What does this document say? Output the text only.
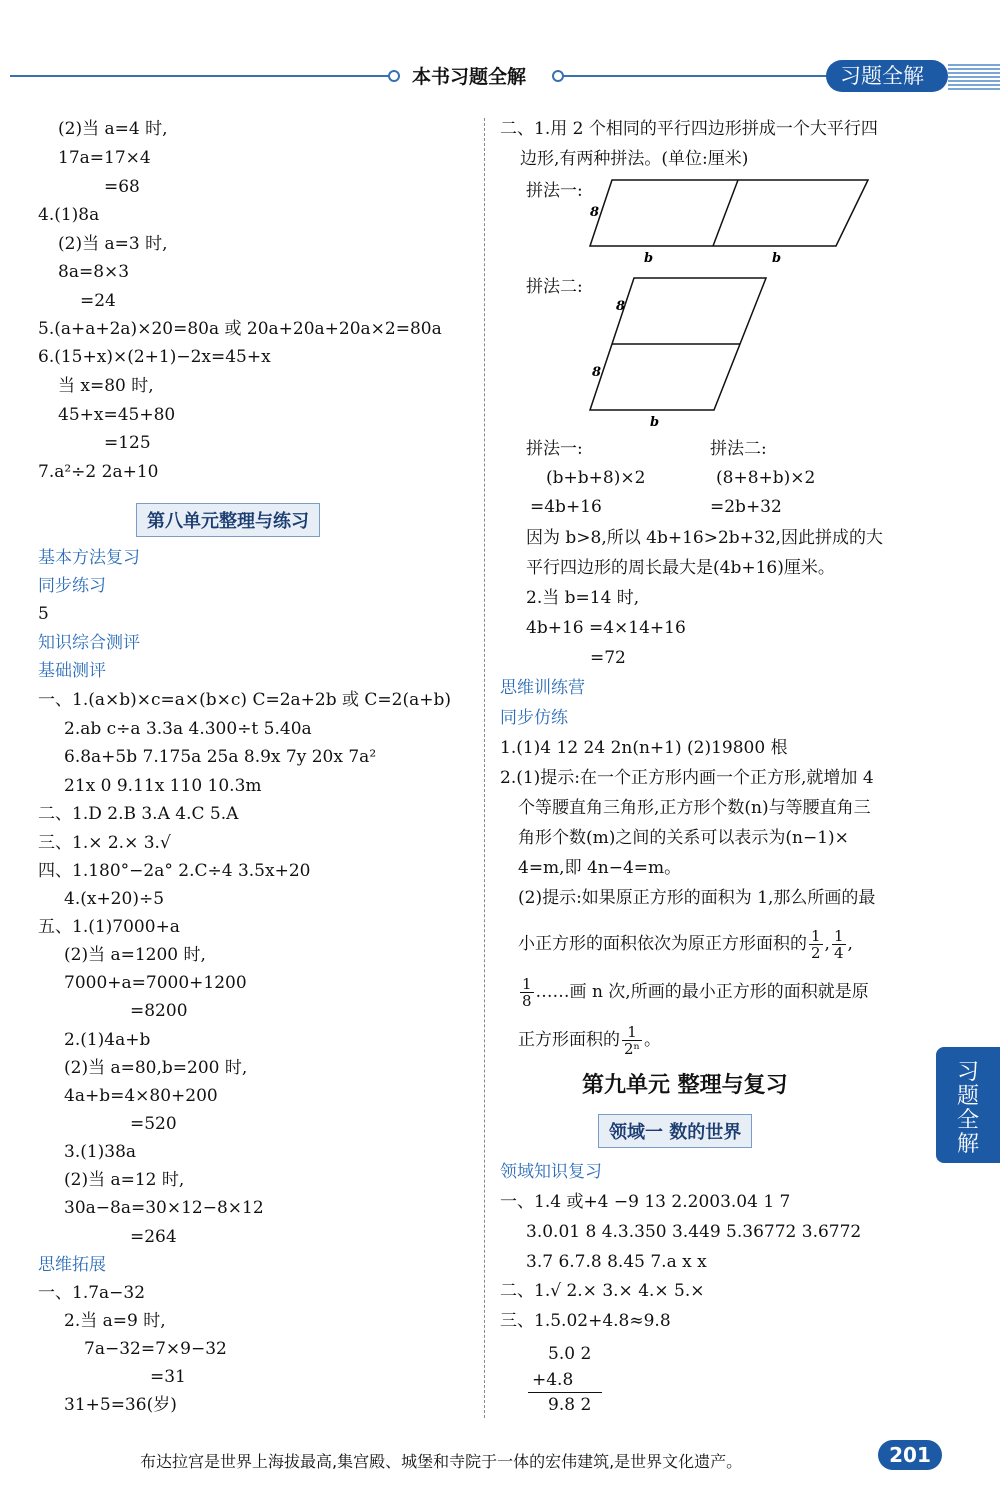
本书习题全解	习题全解
(2)当 a=4 时,
17a=17×4
=68
4.(1)8a
(2)当 a=3 时,
8a=8×3
=24
5.(a+a+2a)×20=80a 或 20a+20a+20a×2=80a
6.(15+x)×(2+1)−2x=45+x
当 x=80 时,
45+x=45+80
=125
7.a²÷2 2a+10
第八单元整理与练习
基本方法复习
同步练习
5
知识综合测评
基础测评
一、1.(a×b)×c=a×(b×c) C=2a+2b 或 C=2(a+b)
2.ab c÷a 3.3a 4.300÷t 5.40a
6.8a+5b 7.175a 25a 8.9x 7y 20x 7a²
21x 0 9.11x 110 10.3m
二、1.D 2.B 3.A 4.C 5.A
三、1.× 2.× 3.√
四、1.180°−2a° 2.C÷4 3.5x+20
4.(x+20)÷5
五、1.(1)7000+a
(2)当 a=1200 时,
7000+a=7000+1200
=8200
2.(1)4a+b
(2)当 a=80,b=200 时,
4a+b=4×80+200
=520
3.(1)38a
(2)当 a=12 时,
30a−8a=30×12−8×12
=264
思维拓展
一、1.7a−32
2.当 a=9 时,
7a−32=7×9−32
=31
31+5=36(岁)
二、1.用 2 个相同的平行四边形拼成一个大平行四
边形,有两种拼法。(单位:厘米)
拼法一:
拼法二:
8
b	b
8
8
b
拼法一:	拼法二:
(b+b+8)×2	(8+8+b)×2
=4b+16	=2b+32
因为 b>8,所以 4b+16>2b+32,因此拼成的大
平行四边形的周长最大是(4b+16)厘米。
2.当 b=14 时,
4b+16 =4×14+16
=72
思维训练营
同步仿练
1.(1)4 12 24 2n(n+1) (2)19800 根
2.(1)提示:在一个正方形内画一个正方形,就增加 4
个等腰直角三角形,正方形个数(n)与等腰直角三
角形个数(m)之间的关系可以表示为(n−1)×
4=m,即 4n−4=m。
(2)提示:如果原正方形的面积为 1,那么所画的最
小正方形的面积依次为原正方形面积的 $\frac{1}{2}$ , $\frac{1}{4}$ ,
$\frac{1}{8}$ ……画 n 次,所画的最小正方形的面积就是原
正方形面积的 $\frac{1}{\text{2ⁿ}}$ 。
第九单元 整理与复习
领域一 数的世界
领域知识复习
一、1.4 或+4 −9 13 2.2003.04 1 7
3.0.01 8 4.3.350 3.449 5.36772 3.6772
3.7 6.7.8 8.45 7.a x x
二、1.√ 2.× 3.× 4.× 5.×
三、1.5.02+4.8≈9.8
5.0 2
+4.8
9.8 2
习
题
全
解
布达拉宫是世界上海拔最高,集宫殿、城堡和寺院于一体的宏伟建筑,是世界文化遗产。	201
